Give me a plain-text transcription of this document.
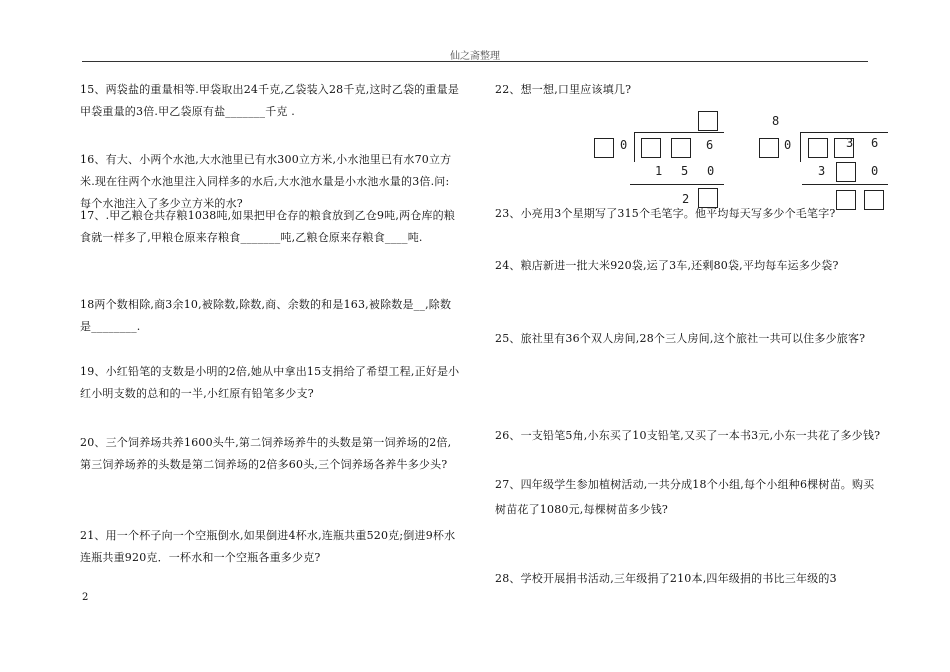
仙之斋整理

15、两袋盐的重量相等.甲袋取出24千克,乙袋装入28千克,这时乙袋的重量是甲袋重量的3倍.甲乙袋原有盐_______千克 .

16、有大、小两个水池,大水池里已有水300立方米,小水池里已有水70立方米.现在往两个水池里注入同样多的水后,大水池水量是小水池水量的3倍.问:每个水池注入了多少立方米的水?

17、.甲乙粮仓共存粮1038吨,如果把甲仓存的粮食放到乙仓9吨,两仓库的粮食就一样多了,甲粮仓原来存粮食_______吨,乙粮仓原来存粮食____吨.

18两个数相除,商3余10,被除数,除数,商、余数的和是163,被除数是__,除数是________.

19、小红铅笔的支数是小明的2倍,她从中拿出15支捐给了希望工程,正好是小红小明支数的总和的一半,小红原有铅笔多少支?

20、三个饲养场共养1600头牛,第二饲养场养牛的头数是第一饲养场的2倍,第三饲养场养的头数是第二饲养场的2倍多60头,三个饲养场各养牛多少头?

21、用一个杯子向一个空瓶倒水,如果倒进4杯水,连瓶共重520克;倒进9杯水连瓶共重920克．一杯水和一个空瓶各重多少克?

2

22、想一想,口里应该填几?

0	6
1 5 0
2
8
0	3 6
3	0

23、小亮用3个星期写了315个毛笔字。他平均每天写多少个毛笔字?

24、粮店新进一批大米920袋,运了3车,还剩80袋,平均每车运多少袋?

25、旅社里有36个双人房间,28个三人房间,这个旅社一共可以住多少旅客?

26、一支铅笔5角,小东买了10支铅笔,又买了一本书3元,小东一共花了多少钱?

27、四年级学生参加植树活动,一共分成18个小组,每个小组种6棵树苗。购买树苗花了1080元,每棵树苗多少钱?

28、学校开展捐书活动,三年级捐了210本,四年级捐的书比三年级的3
